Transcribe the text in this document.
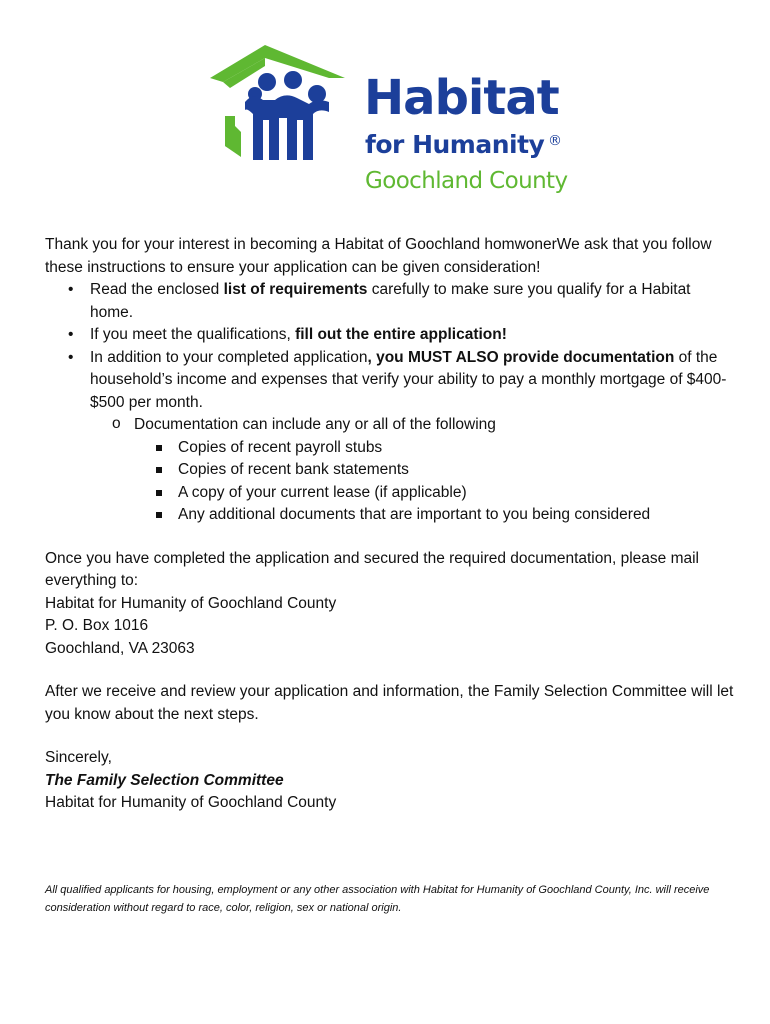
Habitat

for Humanity ®

Goochland County

Thank you for your interest in becoming a Habitat of Goochland homwonerWe ask that you follow these instructions to ensure your application can be given consideration!

• Read the enclosed list of requirements carefully to make sure you qualify for a Habitat home.
• If you meet the qualifications, fill out the entire application!
• In addition to your completed application, you MUST ALSO provide documentation of the household’s income and expenses that verify your ability to pay a monthly mortgage of $400- $500 per month.
o Documentation can include any or all of the following
Copies of recent payroll stubs
Copies of recent bank statements
A copy of your current lease (if applicable)
Any additional documents that are important to you being considered

Once you have completed the application and secured the required documentation, please mail everything to:

Habitat for Humanity of Goochland County

P. O. Box 1016

Goochland, VA 23063

After we receive and review your application and information, the Family Selection Committee will let you know about the next steps.

Sincerely,

The Family Selection Committee

Habitat for Humanity of Goochland County

All qualified applicants for housing, employment or any other association with Habitat for Humanity of Goochland County, Inc. will receive consideration without regard to race, color, religion, sex or national origin.
